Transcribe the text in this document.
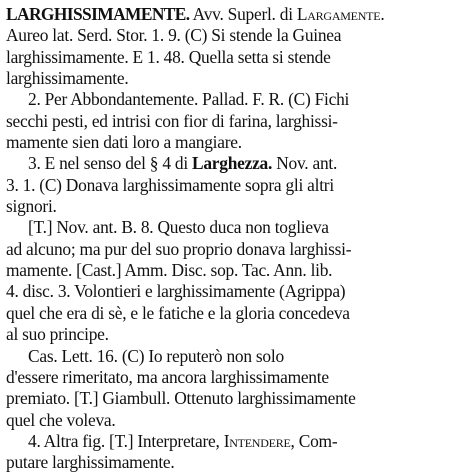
LARGHISSIMAMENTE. Avv. Superl. di Largamente.
Aureo lat. Serd. Stor. 1. 9. (C) Si stende la Guinea
larghissimamente. E 1. 48. Quella setta si stende
larghissimamente.
2. Per Abbondantemente. Pallad. F. R. (C) Fichi
secchi pesti, ed intrisi con fior di farina, larghissi-
mamente sien dati loro a mangiare.
3. E nel senso del § 4 di Larghezza. Nov. ant.
3. 1. (C) Donava larghissimamente sopra gli altri
signori.
[T.] Nov. ant. B. 8. Questo duca non toglieva
ad alcuno; ma pur del suo proprio donava larghissi-
mamente. [Cast.] Amm. Disc. sop. Tac. Ann. lib.
4. disc. 3. Volontieri e larghissimamente (Agrippa)
quel che era di sè, e le fatiche e la gloria concedeva
al suo principe.
Cas. Lett. 16. (C) Io reputerò non solo
d'essere rimeritato, ma ancora larghissimamente
premiato. [T.] Giambull. Ottenuto larghissimamente
quel che voleva.
4. Altra fig. [T.] Interpretare, Intendere, Com-
putare larghissimamente.
